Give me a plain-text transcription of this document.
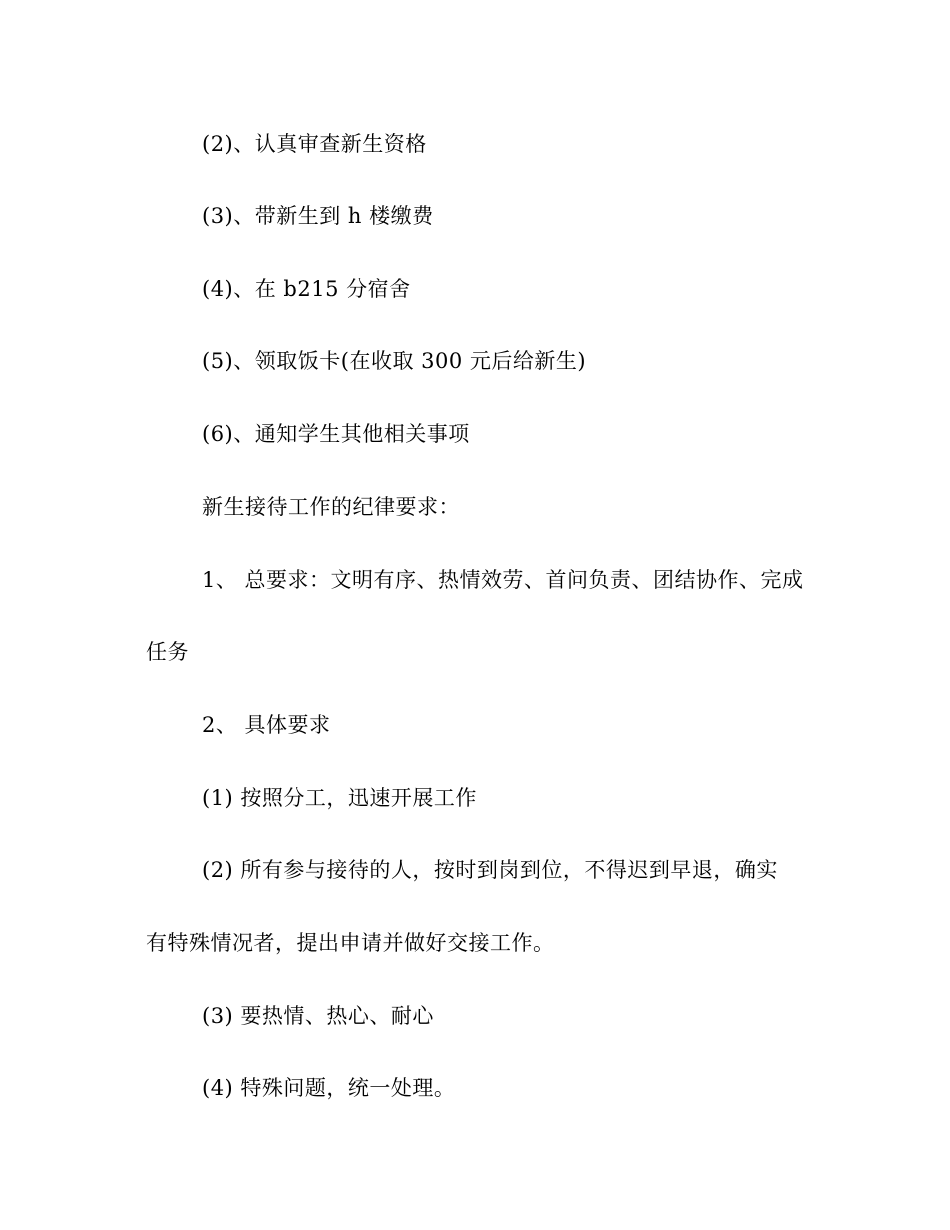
(2)、认真审查新生资格
(3)、带新生到 h 楼缴费
(4)、在 b215 分宿舍
(5)、领取饭卡(在收取 300 元后给新生)
(6)、通知学生其他相关事项
新生接待工作的纪律要求：
1、 总要求：文明有序、热情效劳、首问负责、团结协作、完成
任务
2、 具体要求
(1) 按照分工，迅速开展工作
(2) 所有参与接待的人，按时到岗到位，不得迟到早退，确实
有特殊情况者，提出申请并做好交接工作。
(3) 要热情、热心、耐心
(4) 特殊问题，统一处理。
